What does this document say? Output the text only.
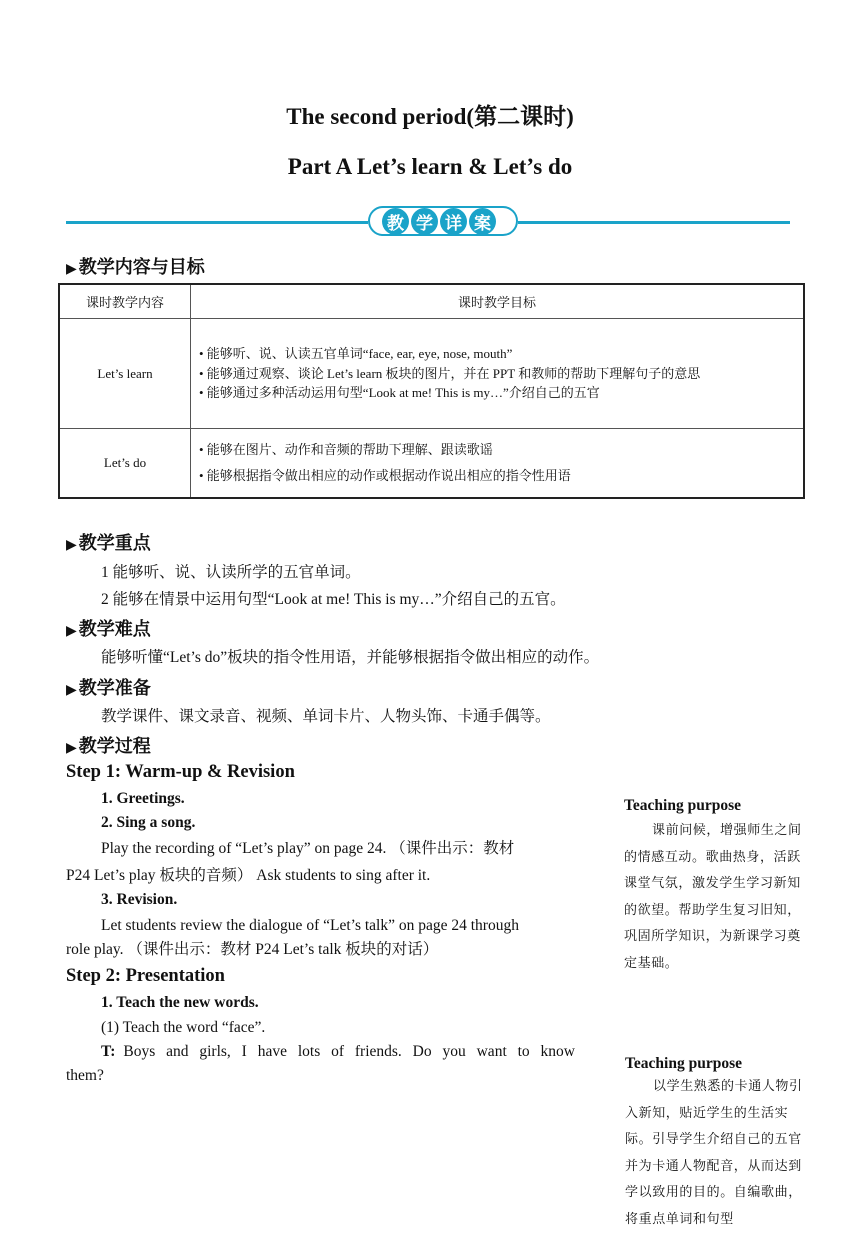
The second period(第二课时)
Part A Let’s learn & Let’s do
教 学 详 案
▶ 教学内容与目标
课时教学内容	课时教学目标
Let’s learn	• 能够听、说、认读五官单词“face, ear, eye, nose, mouth”
• 能够通过观察、谈论 Let’s learn 板块的图片，并在 PPT 和教师的帮助下理解句子的意思
• 能够通过多种活动运用句型“Look at me! This is my…”介绍自己的五官

Let’s do	• 能够在图片、动作和音频的帮助下理解、跟读歌谣
• 能够根据指令做出相应的动作或根据动作说出相应的指令性用语
▶ 教学重点
1 能够听、说、认读所学的五官单词。
2 能够在情景中运用句型“Look at me! This is my…”介绍自己的五官。
▶ 教学难点
能够听懂“Let’s do”板块的指令性用语，并能够根据指令做出相应的动作。
▶ 教学准备
教学课件、课文录音、视频、单词卡片、人物头饰、卡通手偶等。
▶ 教学过程
Step 1: Warm-up & Revision
1. Greetings.
2. Sing a song.
Play the recording of “Let’s play” on page 24. （课件出示：教材
P24 Let’s play 板块的音频） Ask students to sing after it.
3. Revision.
Let students review the dialogue of “Let’s talk” on page 24 through
role play. （课件出示：教材 P24 Let’s talk 板块的对话）
Step 2: Presentation
1. Teach the new words.
(1) Teach the word “face”.
T: Boys and girls, I have lots of friends. Do you want to know
them?
Teaching purpose
课前问候，增强师生之间的情感互动。歌曲热身，活跃课堂气氛，激发学生学习新知的欲望。帮助学生复习旧知，巩固所学知识，为新课学习奠定基础。
Teaching purpose
以学生熟悉的卡通人物引入新知，贴近学生的生活实际。引导学生介绍自己的五官并为卡通人物配音，从而达到学以致用的目的。自编歌曲，将重点单词和句型
